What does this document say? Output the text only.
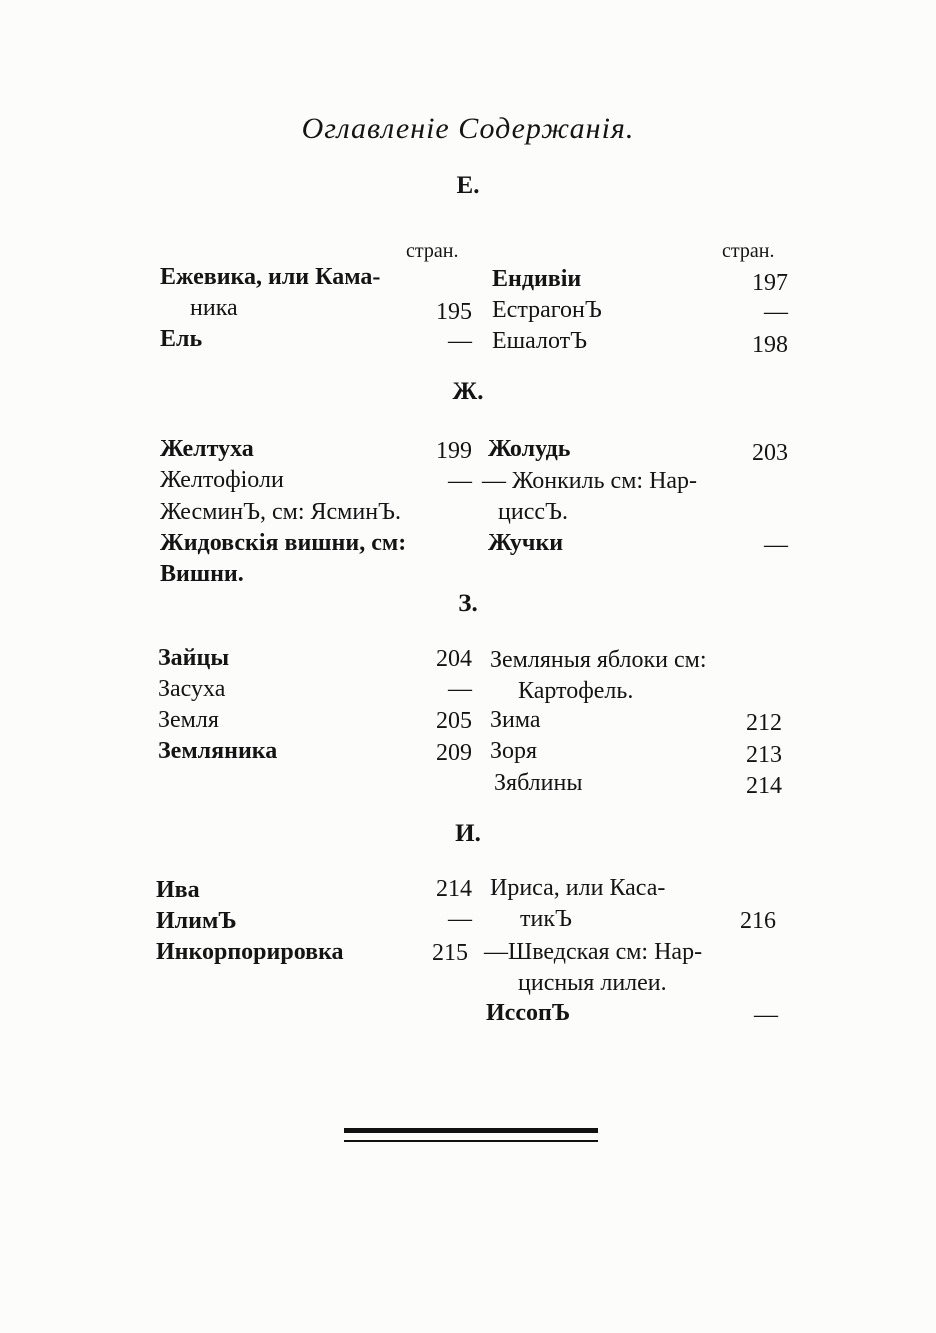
Оглавленіе Содержанія.
Е.
стран.	стран.
Ежевика, или Кама-
ника	195
Ель	—
Ендивіи	197
ЕстрагонЪ	—
ЕшалотЪ	198
Ж.
Желтуха	199
Желтофіоли	—
ЖесминЪ, см: ЯсминЪ.
Жидовскія вишни, см:
Вишни.
Жолудь	203
— Жонкиль см: Нар-
циссЪ.
Жучки	—
З.
Зайцы	204
Засуха	—
Земля	205
Земляника	209
Земляныя яблоки см:
Картофель.
Зима	212
Зоря	213
Зяблины	214
И.
Ива	214
ИлимЪ	—
Инкорпорировка	215
Ириса, или Каса-
тикЪ	216
—Шведская см: Нар-
цисныя лилеи.
ИссопЪ	—
